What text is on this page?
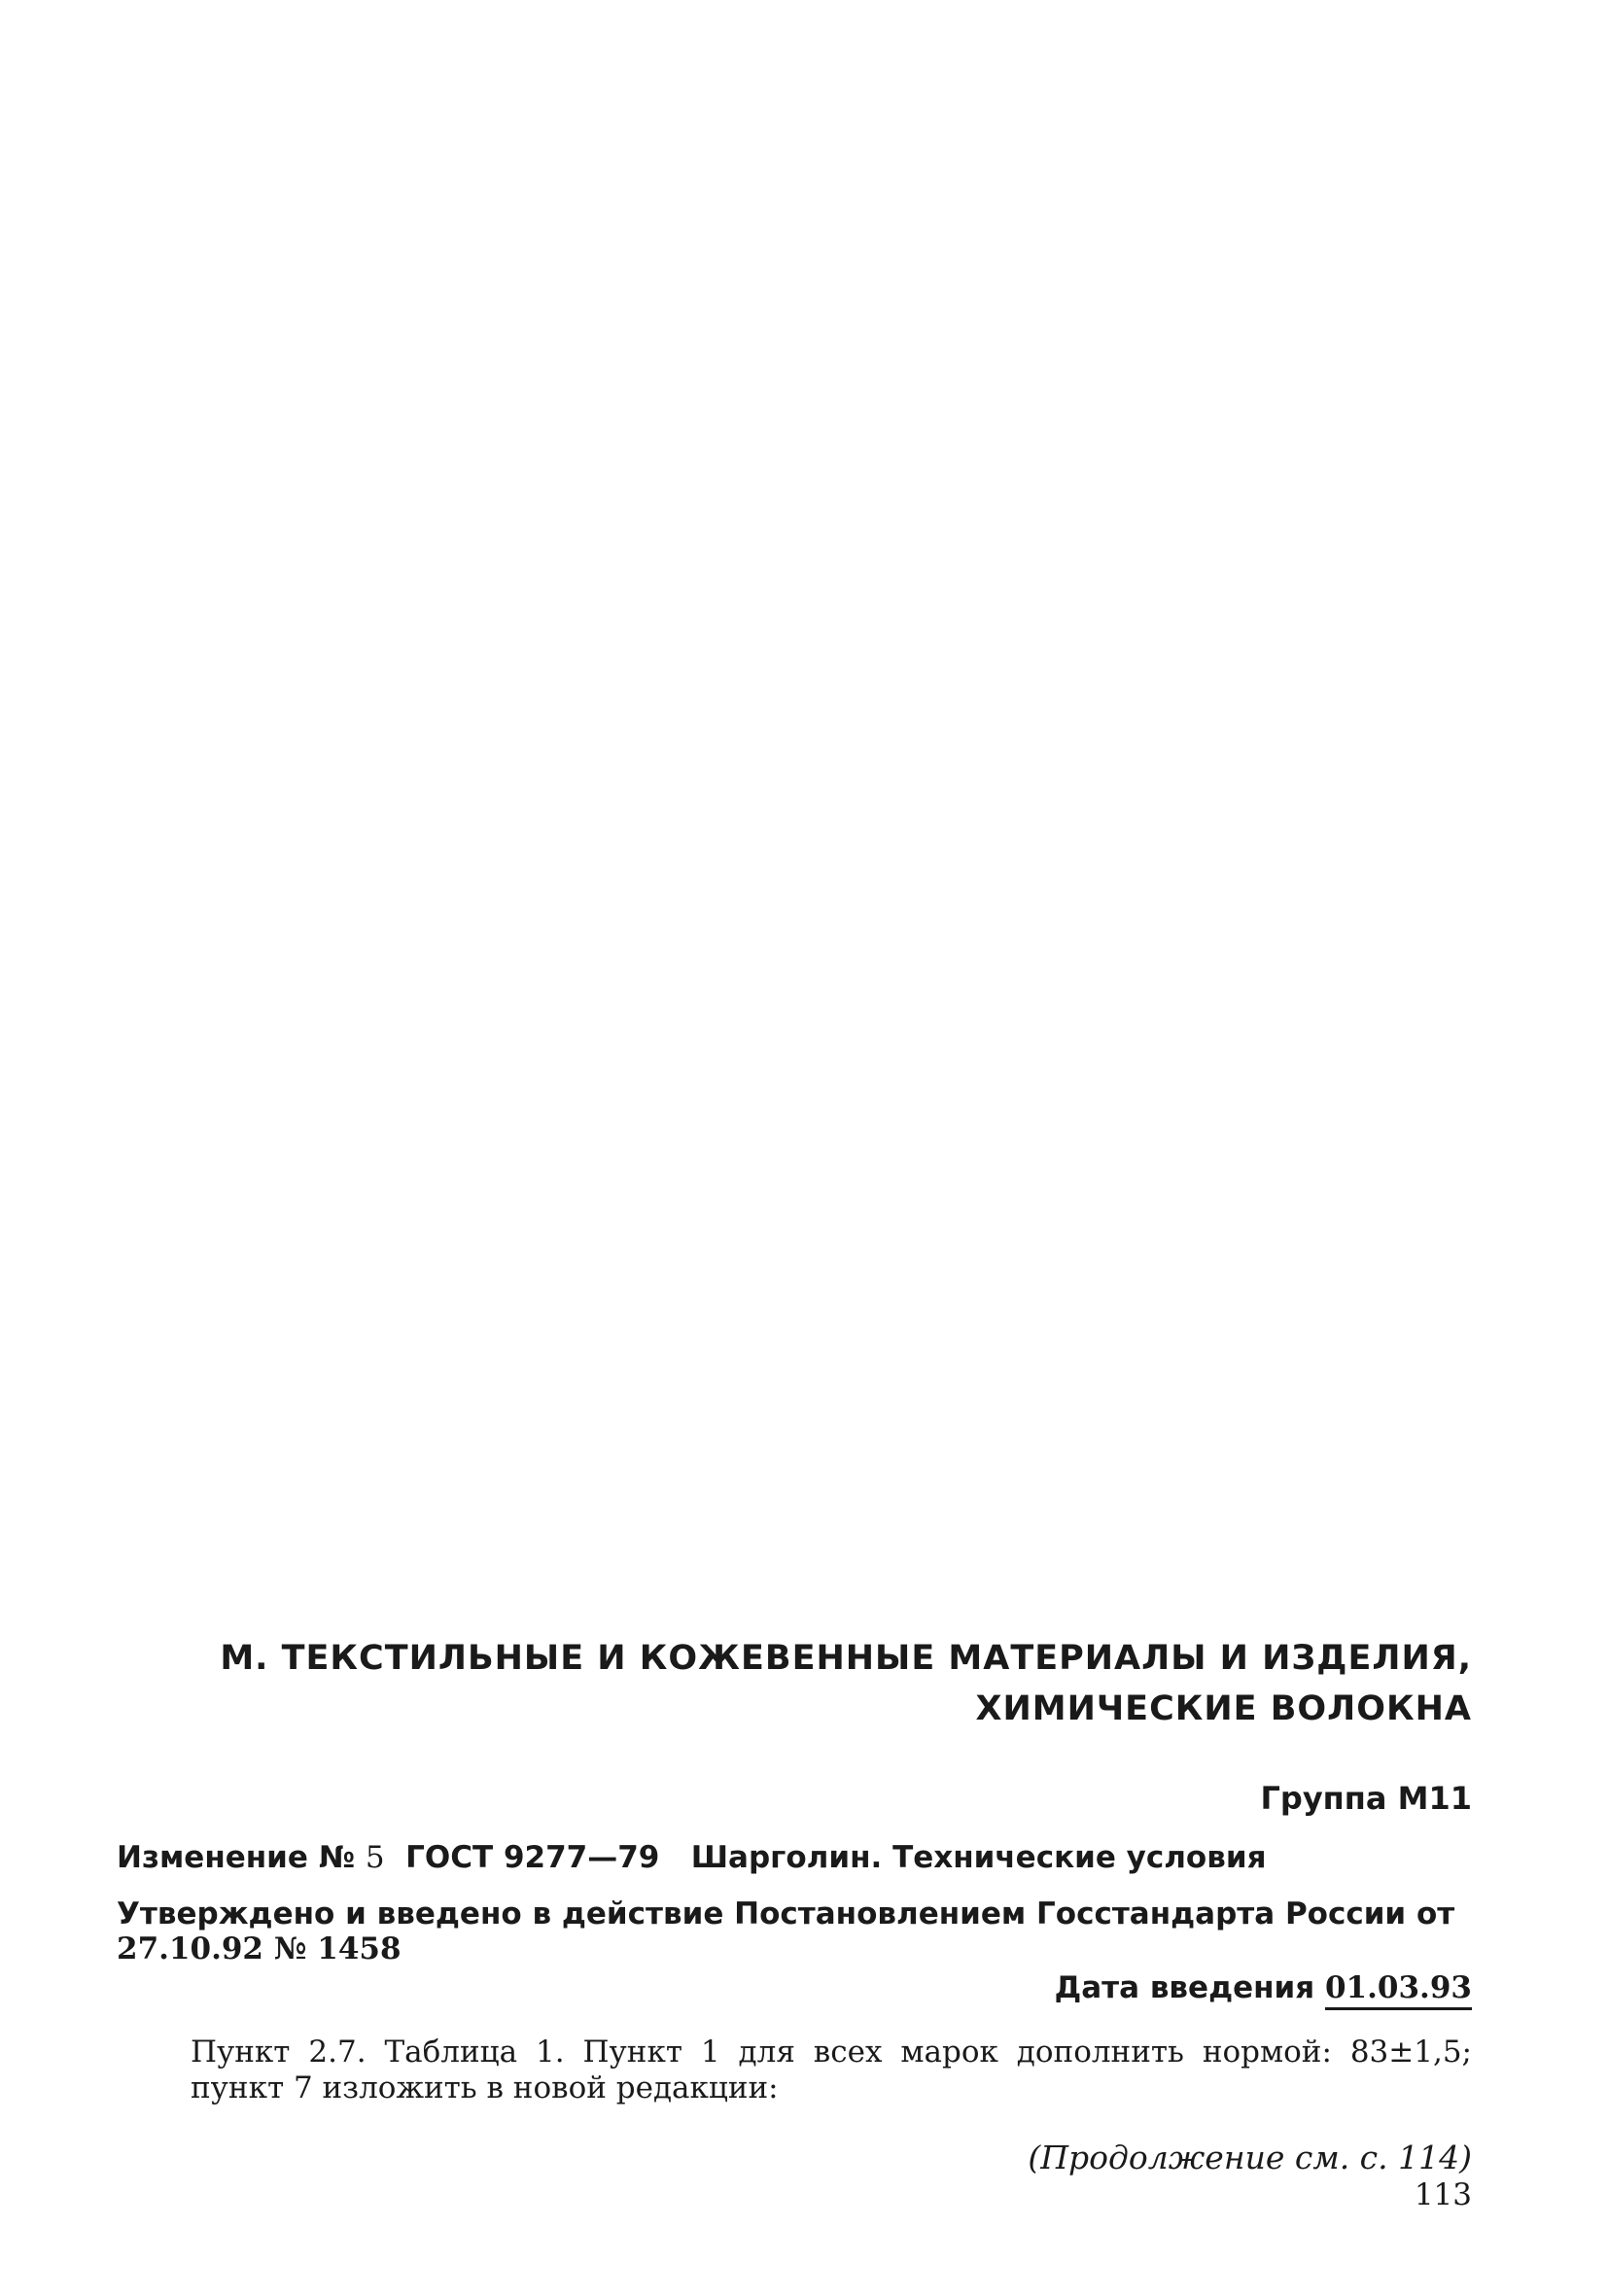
М. ТЕКСТИЛЬНЫЕ И КОЖЕВЕННЫЕ МАТЕРИАЛЫ И ИЗДЕЛИЯ,
ХИМИЧЕСКИЕ ВОЛОКНА
Группа М11
Изменение № 5 ГОСТ 9277—79 Шарголин. Технические условия
Утверждено и введено в действие Постановлением Госстандарта России от
27.10.92 № 1458
Дата введения 01.03.93
Пункт 2.7. Таблица 1. Пункт 1 для всех марок дополнить нормой: 83±1,5; пункт 7 изложить в новой редакции:
(Продолжение см. с. 114)
113
